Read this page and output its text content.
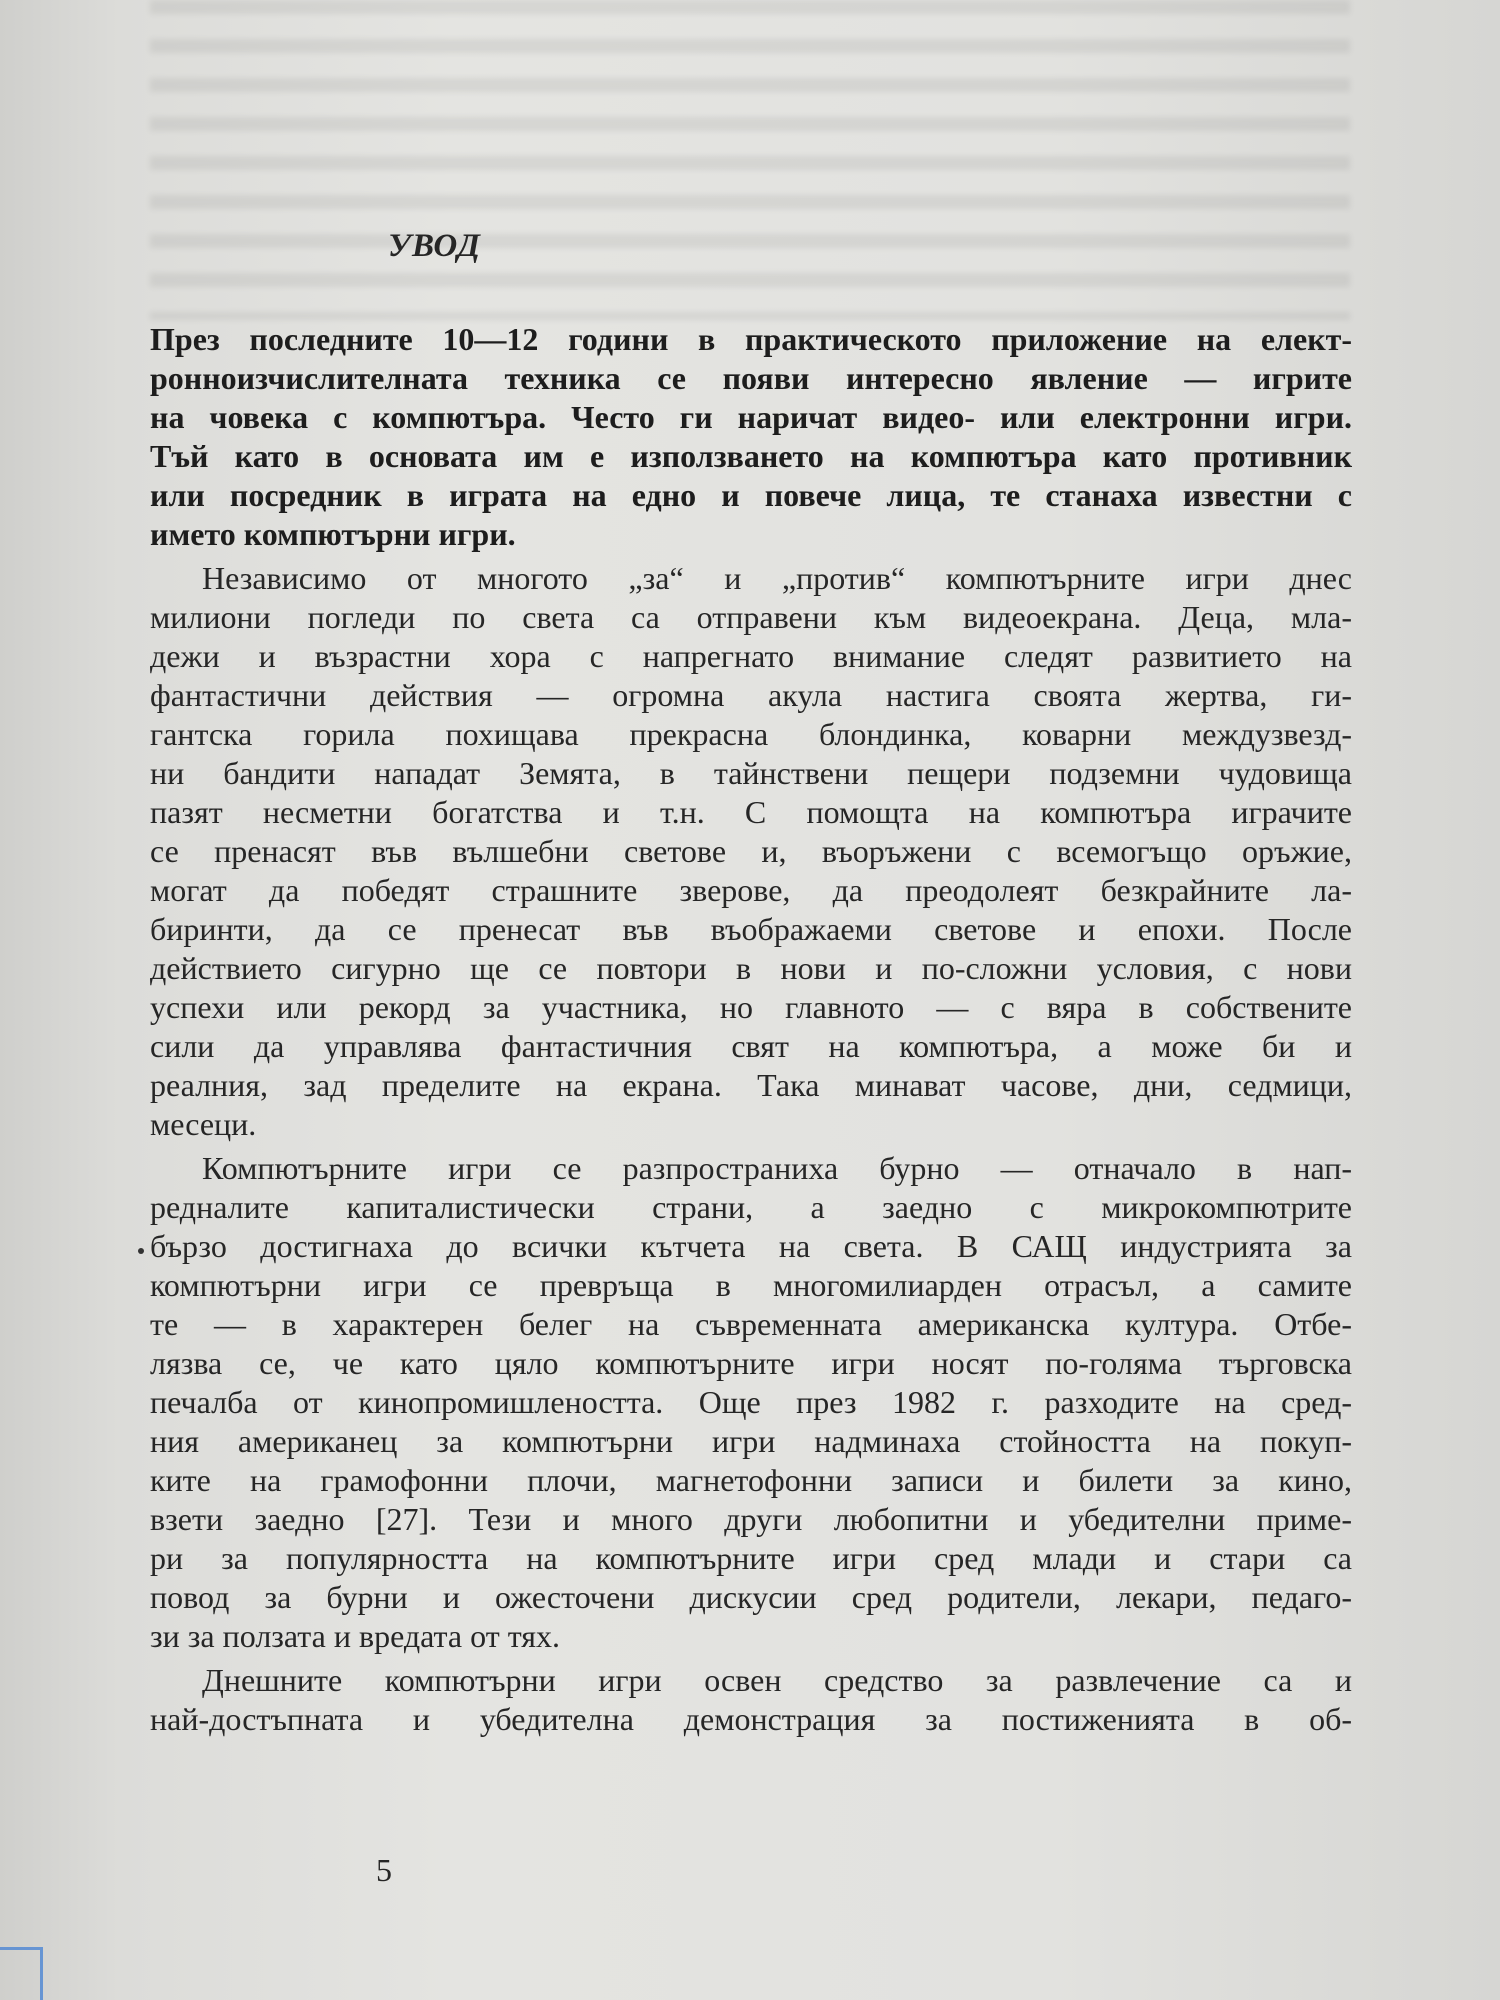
УВОД
През последните 10—12 години в практическото приложение на елект-
ронноизчислителната техника се появи интересно явление — игрите
на човека с компютъра. Често ги наричат видео- или електронни игри.
Тъй като в основата им е използването на компютъра като противник
или посредник в играта на едно и повече лица, те станаха известни с
името компютърни игри.
Независимо от многото „за“ и „против“ компютърните игри днес
милиони погледи по света са отправени към видеоекрана. Деца, мла-
дежи и възрастни хора с напрегнато внимание следят развитието на
фантастични действия — огромна акула настига своята жертва, ги-
гантска горила похищава прекрасна блондинка, коварни междузвезд-
ни бандити нападат Земята, в тайнствени пещери подземни чудовища
пазят несметни богатства и т.н. С помощта на компютъра играчите
се пренасят във вълшебни светове и, въоръжени с всемогъщо оръжие,
могат да победят страшните зверове, да преодолеят безкрайните ла-
биринти, да се пренесат във въображаеми светове и епохи. После
действието сигурно ще се повтори в нови и по-сложни условия, с нови
успехи или рекорд за участника, но главното — с вяра в собствените
сили да управлява фантастичния свят на компютъра, а може би и
реалния, зад пределите на екрана. Така минават часове, дни, седмици,
месеци.
Компютърните игри се разпространиха бурно — отначало в нап-
редналите капиталистически страни, а заедно с микрокомпютрите
бързо достигнаха до всички кътчета на света. В САЩ индустрията за
компютърни игри се превръща в многомилиарден отрасъл, а самите
те — в характерен белег на съвременната американска култура. Отбе-
лязва се, че като цяло компютърните игри носят по-голяма търговска
печалба от кинопромишлеността. Още през 1982 г. разходите на сред-
ния американец за компютърни игри надминаха стойността на покуп-
ките на грамофонни плочи, магнетофонни записи и билети за кино,
взети заедно [27]. Тези и много други любопитни и убедителни приме-
ри за популярността на компютърните игри сред млади и стари са
повод за бурни и ожесточени дискусии сред родители, лекари, педаго-
зи за ползата и вредата от тях.
Днешните компютърни игри освен средство за развлечение са и
най-достъпната и убедителна демонстрация за постиженията в об-
5
